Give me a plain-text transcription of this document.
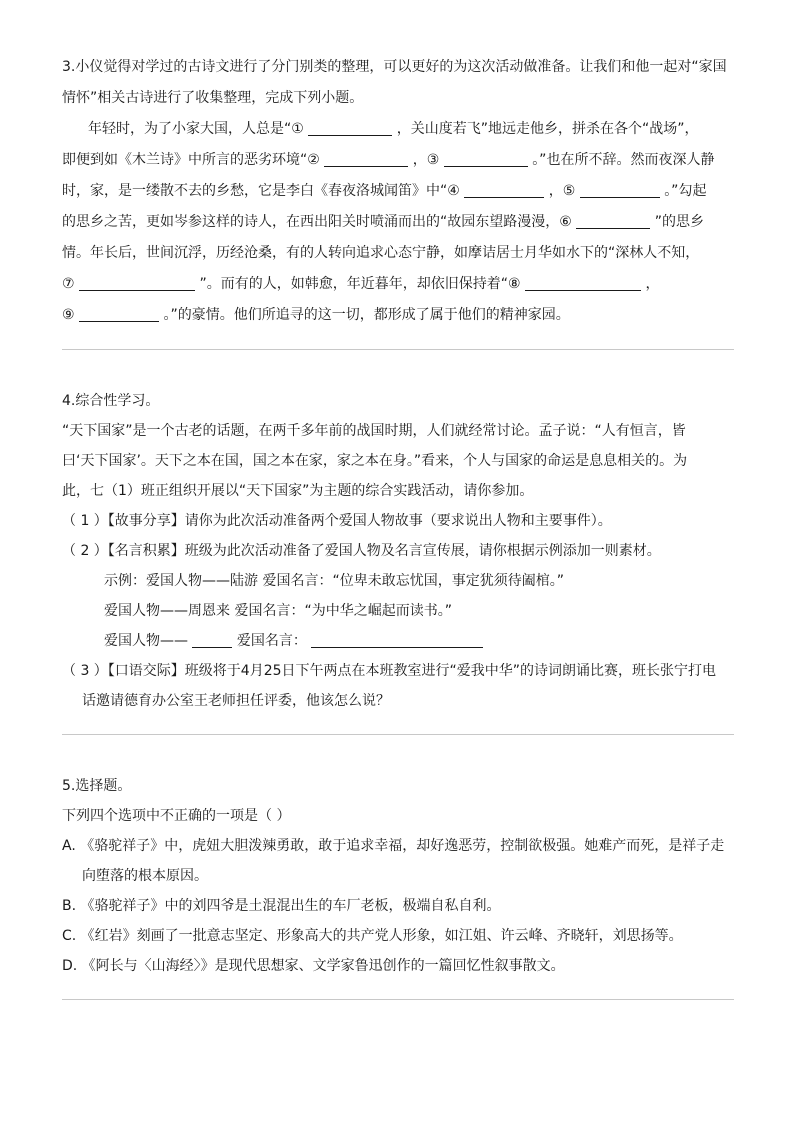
3.小仪觉得对学过的古诗文进行了分门别类的整理，可以更好的为这次活动做准备。让我们和他一起对“家国
情怀”相关古诗进行了收集整理，完成下列小题。
年轻时，为了小家大国，人总是“①	，关山度若飞”地远走他乡，拼杀在各个“战场”，
即便到如《木兰诗》中所言的恶劣环境“②	，③	。”也在所不辞。然而夜深人静
时，家，是一缕散不去的乡愁，它是李白《春夜洛城闻笛》中“④	，⑤	。”勾起
的思乡之苦，更如岑参这样的诗人，在西出阳关时喷涌而出的“故园东望路漫漫，⑥	”的思乡
情。年长后，世间沉浮，历经沧桑，有的人转向追求心态宁静，如摩诘居士月华如水下的“深林人不知，
⑦	”。而有的人，如韩愈，年近暮年，却依旧保持着“⑧	，
⑨	。”的豪情。他们所追寻的这一切，都形成了属于他们的精神家园。
4.综合性学习。
“天下国家”是一个古老的话题，在两千多年前的战国时期，人们就经常讨论。孟子说：“人有恒言，皆
曰‘天下国家’。天下之本在国，国之本在家，家之本在身。”看来，个人与国家的命运是息息相关的。为
此，七（1）班正组织开展以“天下国家”为主题的综合实践活动，请你参加。
（ 1 ）【故事分享】请你为此次活动准备两个爱国人物故事（要求说出人物和主要事件）。
（ 2 ）【名言积累】班级为此次活动准备了爱国人物及名言宣传展，请你根据示例添加一则素材。
示例：爱国人物——陆游 爱国名言：“位卑未敢忘忧国，事定犹须待阖棺。”
爱国人物——周恩来 爱国名言：“为中华之崛起而读书。”
爱国人物——	爱国名言：
（ 3 ）【口语交际】班级将于4月25日下午两点在本班教室进行“爱我中华”的诗词朗诵比赛，班长张宁打电
话邀请德育办公室王老师担任评委，他该怎么说？
5.选择题。
下列四个选项中不正确的一项是（ ）
A. 《骆驼祥子》中，虎妞大胆泼辣勇敢，敢于追求幸福，却好逸恶劳，控制欲极强。她难产而死，是祥子走
向堕落的根本原因。
B. 《骆驼祥子》中的刘四爷是土混混出生的车厂老板，极端自私自利。
C. 《红岩》刻画了一批意志坚定、形象高大的共产党人形象，如江姐、许云峰、齐晓轩，刘思扬等。
D. 《阿长与〈山海经〉》是现代思想家、文学家鲁迅创作的一篇回忆性叙事散文。
